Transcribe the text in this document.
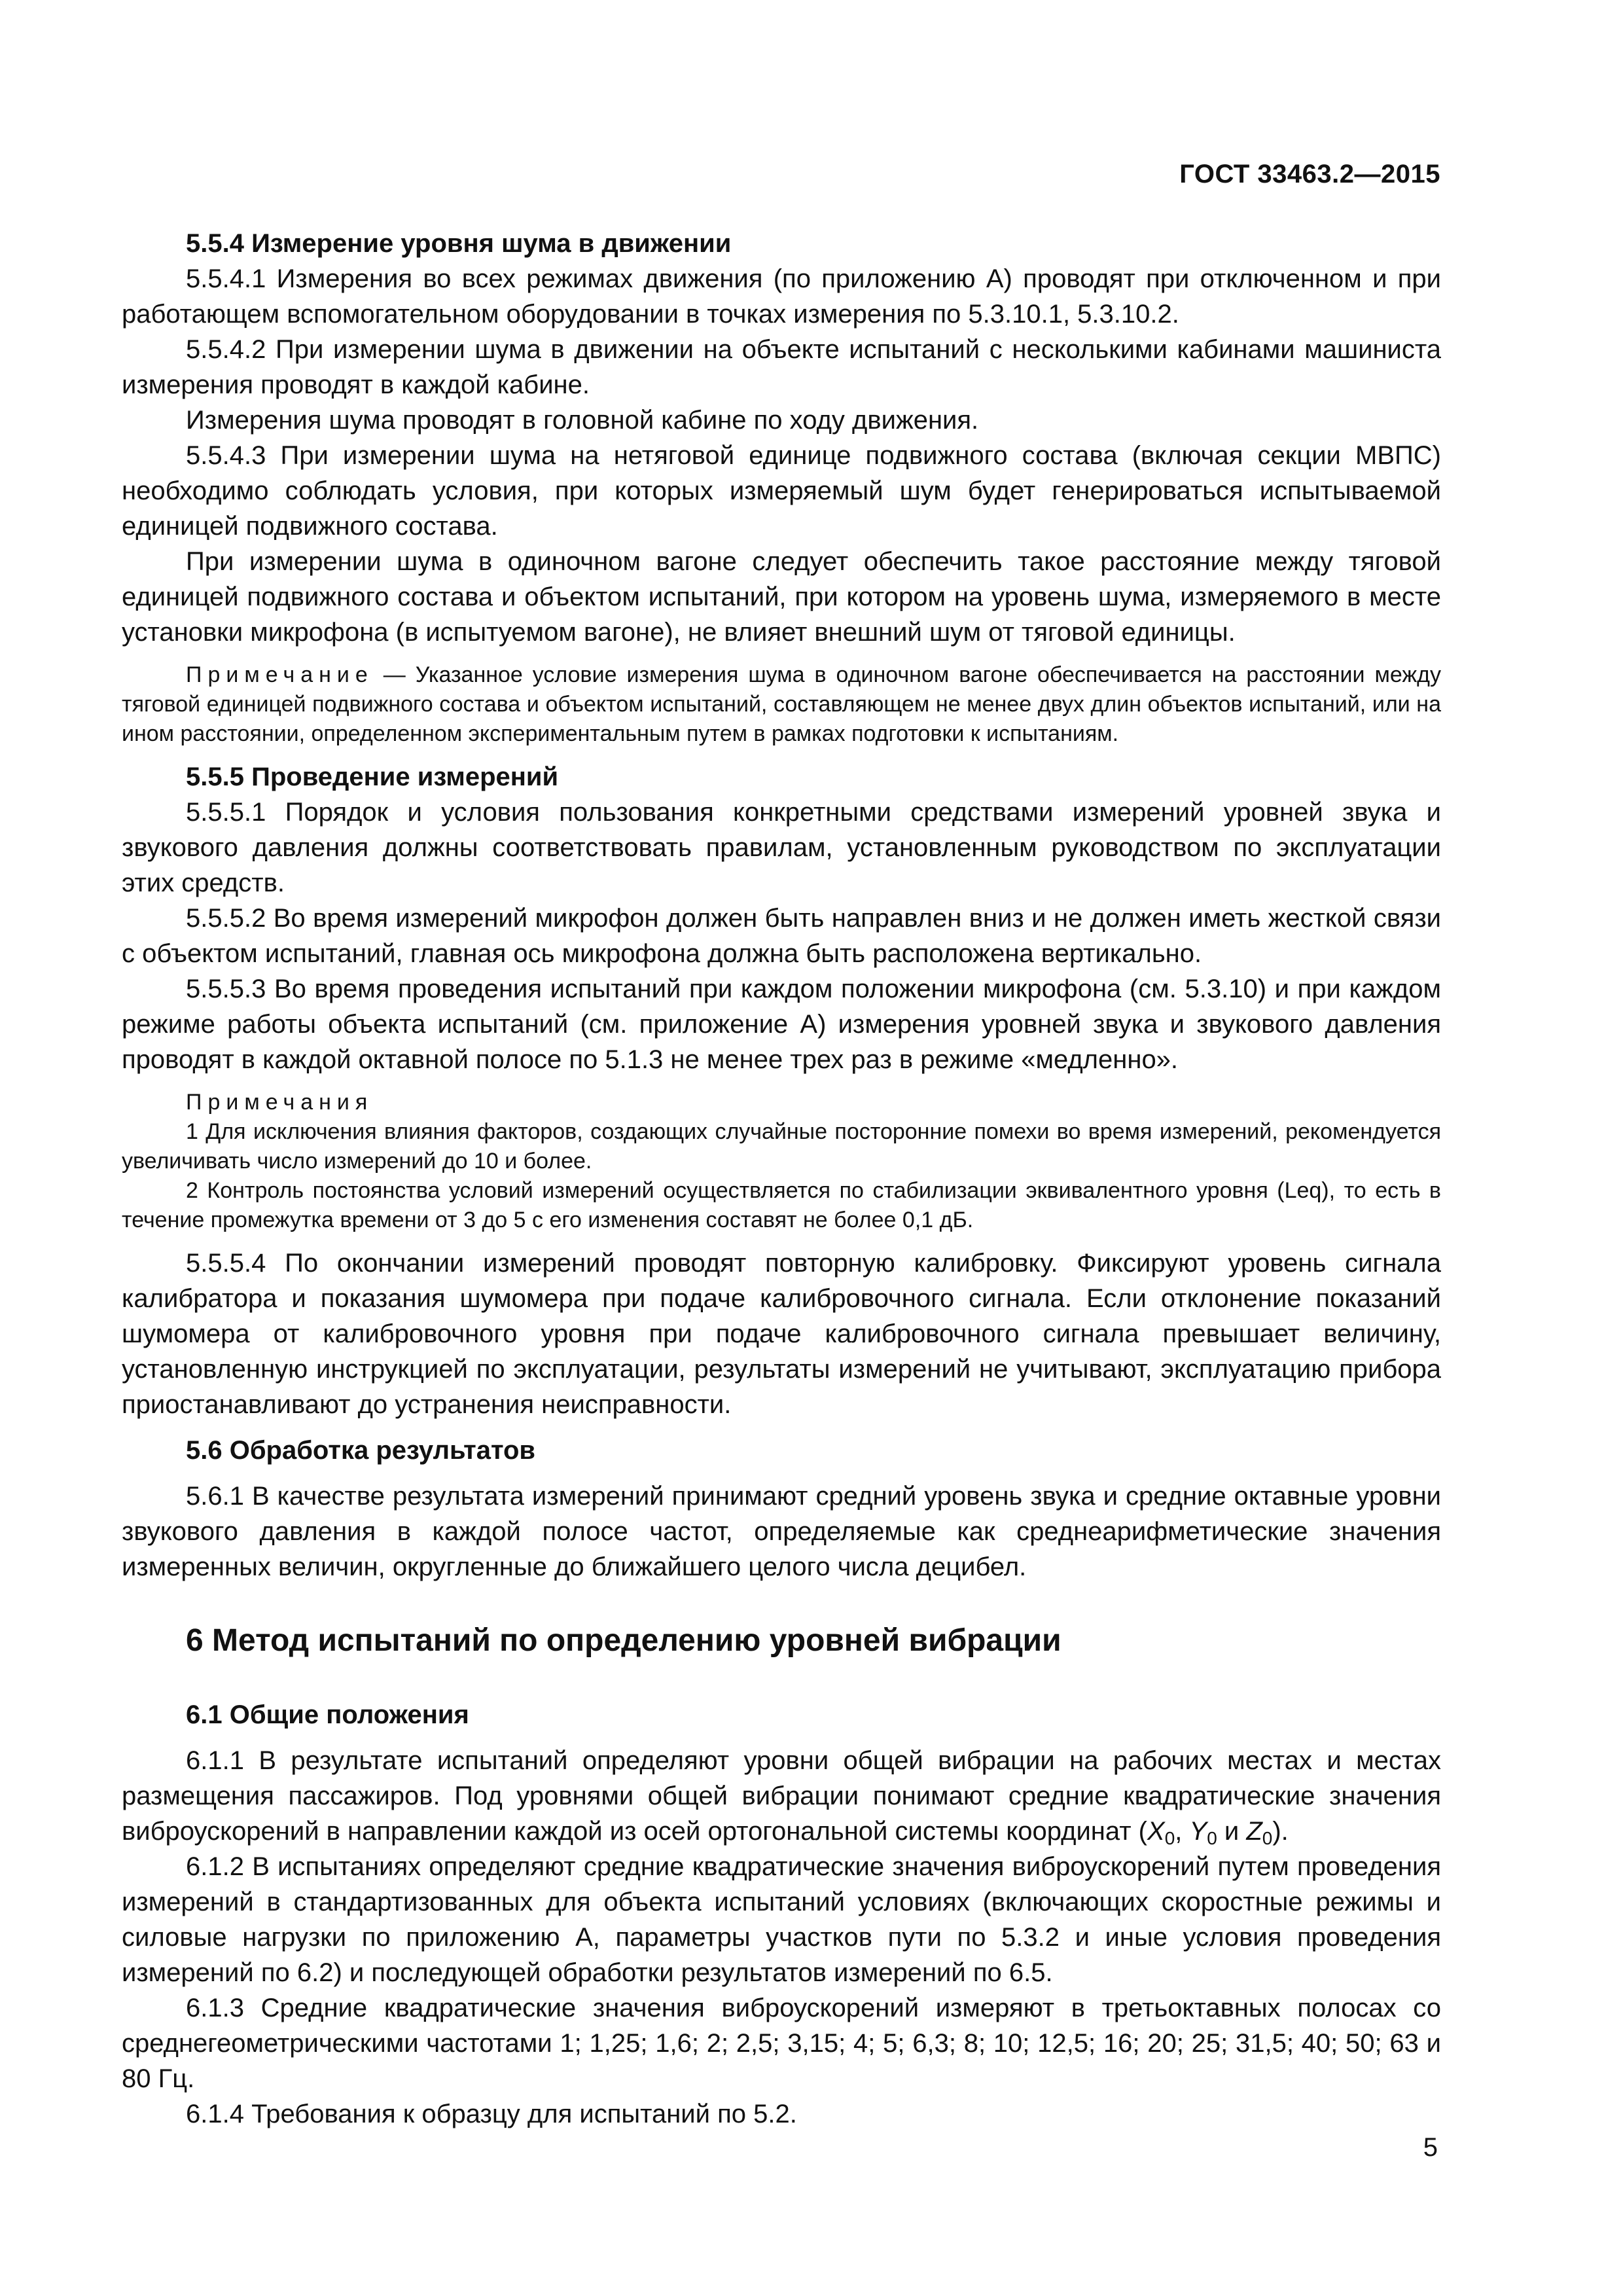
ГОСТ 33463.2—2015

5.5.4 Измерение уровня шума в движении

5.5.4.1 Измерения во всех режимах движения (по приложению А) проводят при отключенном и при работающем вспомогательном оборудовании в точках измерения по 5.3.10.1, 5.3.10.2.

5.5.4.2 При измерении шума в движении на объекте испытаний с несколькими кабинами машиниста измерения проводят в каждой кабине.

Измерения шума проводят в головной кабине по ходу движения.

5.5.4.3 При измерении шума на нетяговой единице подвижного состава (включая секции МВПС) необходимо соблюдать условия, при которых измеряемый шум будет генерироваться испытываемой единицей подвижного состава.

При измерении шума в одиночном вагоне следует обеспечить такое расстояние между тяговой единицей подвижного состава и объектом испытаний, при котором на уровень шума, измеряемого в месте установки микрофона (в испытуемом вагоне), не влияет внешний шум от тяговой единицы.

Примечание — Указанное условие измерения шума в одиночном вагоне обеспечивается на расстоянии между тяговой единицей подвижного состава и объектом испытаний, составляющем не менее двух длин объектов испытаний, или на ином расстоянии, определенном экспериментальным путем в рамках подготовки к испытаниям.

5.5.5 Проведение измерений

5.5.5.1 Порядок и условия пользования конкретными средствами измерений уровней звука и звукового давления должны соответствовать правилам, установленным руководством по эксплуатации этих средств.

5.5.5.2 Во время измерений микрофон должен быть направлен вниз и не должен иметь жесткой связи с объектом испытаний, главная ось микрофона должна быть расположена вертикально.

5.5.5.3 Во время проведения испытаний при каждом положении микрофона (см. 5.3.10) и при каждом режиме работы объекта испытаний (см. приложение А) измерения уровней звука и звукового давления проводят в каждой октавной полосе по 5.1.3 не менее трех раз в режиме «медленно».

Примечания

1 Для исключения влияния факторов, создающих случайные посторонние помехи во время измерений, рекомендуется увеличивать число измерений до 10 и более.

2 Контроль постоянства условий измерений осуществляется по стабилизации эквивалентного уровня (Leq), то есть в течение промежутка времени от 3 до 5 с его изменения составят не более 0,1 дБ.

5.5.5.4 По окончании измерений проводят повторную калибровку. Фиксируют уровень сигнала калибратора и показания шумомера при подаче калибровочного сигнала. Если отклонение показаний шумомера от калибровочного уровня при подаче калибровочного сигнала превышает величину, установленную инструкцией по эксплуатации, результаты измерений не учитывают, эксплуатацию прибора приостанавливают до устранения неисправности.

5.6 Обработка результатов

5.6.1 В качестве результата измерений принимают средний уровень звука и средние октавные уровни звукового давления в каждой полосе частот, определяемые как среднеарифметические значения измеренных величин, округленные до ближайшего целого числа децибел.

6 Метод испытаний по определению уровней вибрации

6.1 Общие положения

6.1.1 В результате испытаний определяют уровни общей вибрации на рабочих местах и местах размещения пассажиров. Под уровнями общей вибрации понимают средние квадратические значения виброускорений в направлении каждой из осей ортогональной системы координат ($X_0$, $Y_0$ и $Z_0$).

6.1.2 В испытаниях определяют средние квадратические значения виброускорений путем проведения измерений в стандартизованных для объекта испытаний условиях (включающих скоростные режимы и силовые нагрузки по приложению А, параметры участков пути по 5.3.2 и иные условия проведения измерений по 6.2) и последующей обработки результатов измерений по 6.5.

6.1.3 Средние квадратические значения виброускорений измеряют в третьоктавных полосах со среднегеометрическими частотами 1; 1,25; 1,6; 2; 2,5; 3,15; 4; 5; 6,3; 8; 10; 12,5; 16; 20; 25; 31,5; 40; 50; 63 и 80 Гц.

6.1.4 Требования к образцу для испытаний по 5.2.

5
